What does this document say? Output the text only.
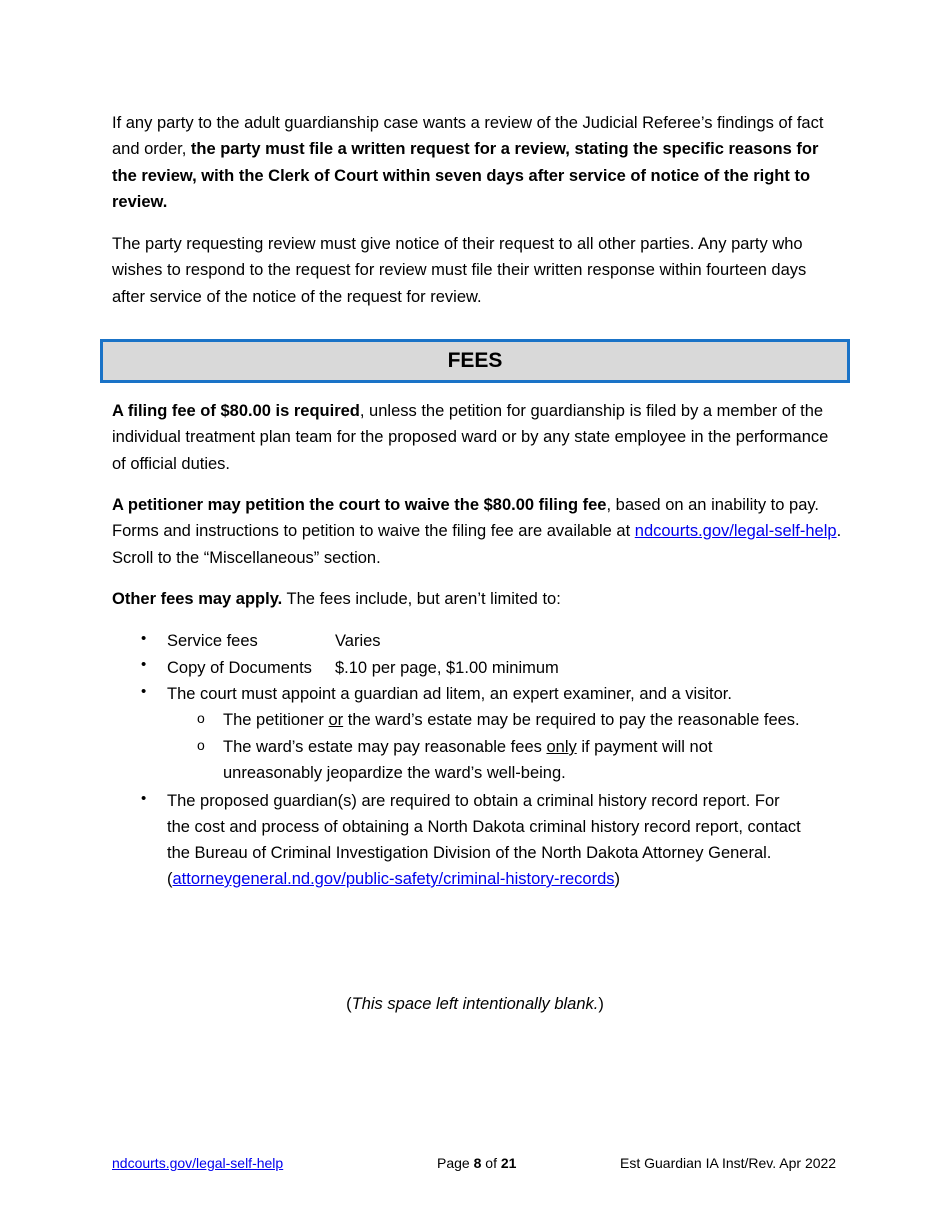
If any party to the adult guardianship case wants a review of the Judicial Referee’s findings of fact and order, the party must file a written request for a review, stating the specific reasons for the review, with the Clerk of Court within seven days after service of notice of the right to review.

The party requesting review must give notice of their request to all other parties. Any party who wishes to respond to the request for review must file their written response within fourteen days after service of the notice of the request for review.

FEES

A filing fee of $80.00 is required, unless the petition for guardianship is filed by a member of the individual treatment plan team for the proposed ward or by any state employee in the performance of official duties.

A petitioner may petition the court to waive the $80.00 filing fee, based on an inability to pay. Forms and instructions to petition to waive the filing fee are available at ndcourts.gov/legal-self-help. Scroll to the “Miscellaneous” section.

Other fees may apply. The fees include, but aren’t limited to:

• Service fees	Varies
• Copy of Documents $.10 per page, $1.00 minimum
• The court must appoint a guardian ad litem, an expert examiner, and a visitor.
o The petitioner or the ward’s estate may be required to pay the reasonable fees.
o The ward’s estate may pay reasonable fees only if payment will not
unreasonably jeopardize the ward’s well-being.
• The proposed guardian(s) are required to obtain a criminal history record report. For
the cost and process of obtaining a North Dakota criminal history record report, contact
the Bureau of Criminal Investigation Division of the North Dakota Attorney General.
(attorneygeneral.nd.gov/public-safety/criminal-history-records)
(This space left intentionally blank.)
ndcourts.gov/legal-self-help	Page 8 of 21	Est Guardian IA Inst/Rev. Apr 2022
